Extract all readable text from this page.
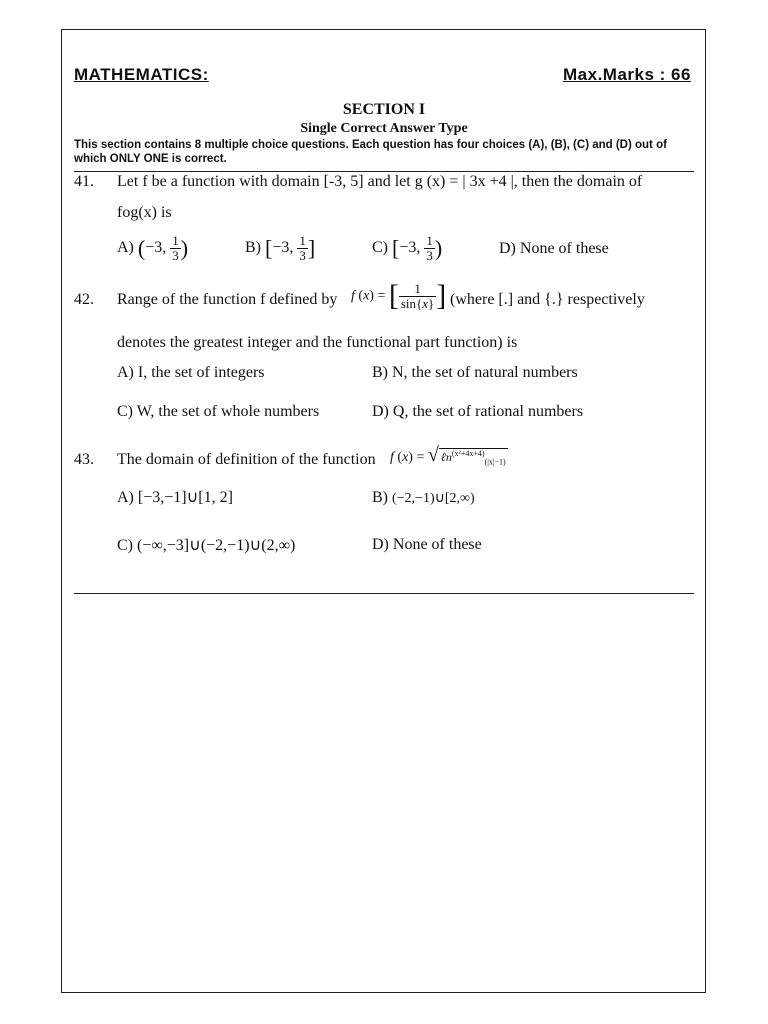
MATHEMATICS:	Max.Marks : 66
SECTION I
Single Correct Answer Type
This section contains 8 multiple choice questions. Each question has four choices (A), (B), (C) and (D) out of which ONLY ONE is correct.
41. Let f be a function with domain [-3, 5] and let g (x) = | 3x +4 |, then the domain of
fog(x) is
A) (−3, $\frac{1}{3}$ )	B) [−3, $\frac{1}{3}$ ]	C) [−3, $\frac{1}{3}$ )	D) None of these
42. Range of the function f defined by f (x) = [ $\frac{1}{\sin\{x\}}$ ] (where [.] and {.} respectively
denotes the greatest integer and the functional part function) is
A) I, the set of integers	B) N, the set of natural numbers
C) W, the set of whole numbers	D) Q, the set of rational numbers
43. The domain of definition of the function f (x) = √ ℓn$^{(x^2+4x+4)}_{(|x|-1)}$
A) [−3,−1]∪[1, 2]	B) (−2,−1)∪[2,∞)
C) (−∞,−3]∪(−2,−1)∪(2,∞)	D) None of these
